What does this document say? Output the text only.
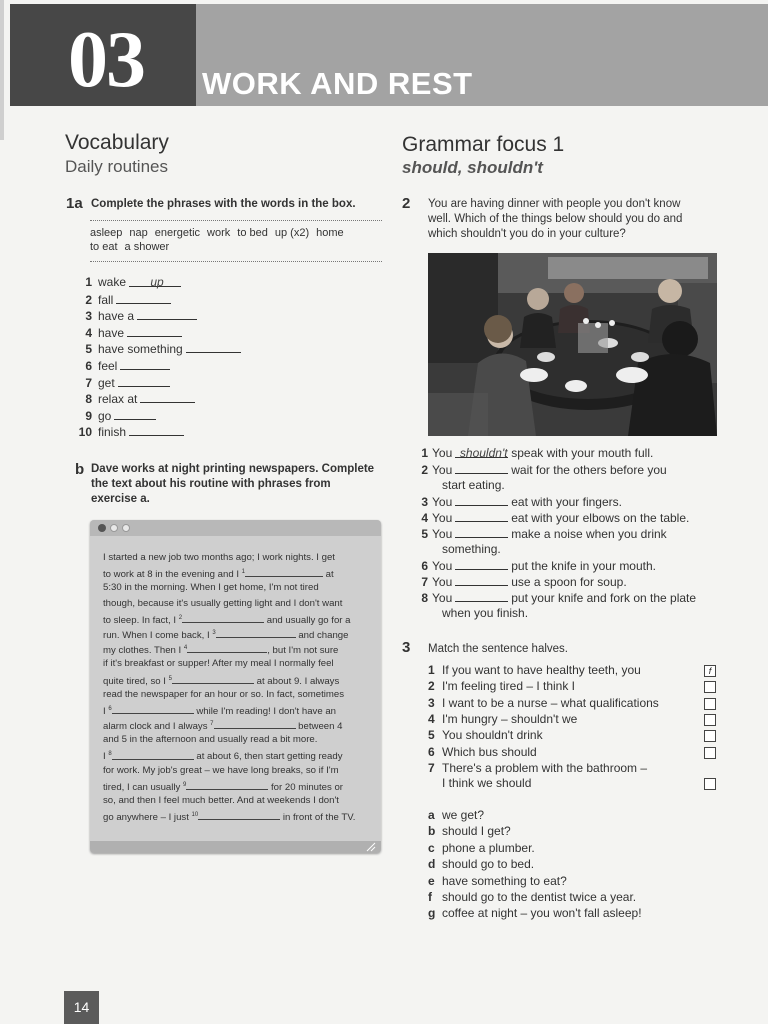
03 WORK AND REST
Vocabulary
Daily routines
1a Complete the phrases with the words in the box.
asleep nap energetic work to bed up (x2) home
to eat a shower
1 wake up
2 fall
3 have a
4 have
5 have something
6 feel
7 get
8 relax at
9 go
10 finish
b Dave works at night printing newspapers. Complete
the text about his routine with phrases from
exercise a.
I started a new job two months ago; I work nights. I get
to work at 8 in the evening and I $^1$	at
5:30 in the morning. When I get home, I'm not tired
though, because it's usually getting light and I don't want
to sleep. In fact, I $^2$	and usually go for a
run. When I come back, I $^3$	and change
my clothes. Then I $^4$	, but I'm not sure
if it's breakfast or supper! After my meal I normally feel
quite tired, so I $^5$	at about 9. I always
read the newspaper for an hour or so. In fact, sometimes
I $^6$	while I'm reading! I don't have an
alarm clock and I always $^7$	between 4
and 5 in the afternoon and usually read a bit more.
I $^8$	at about 6, then start getting ready
for work. My job's great – we have long breaks, so if I'm
tired, I can usually $^9$	for 20 minutes or
so, and then I feel much better. And at weekends I don't
go anywhere – I just $^{10}$	in front of the TV.
Grammar focus 1
should, shouldn't
2 You are having dinner with people you don't know
well. Which of the things below should you do and
which shouldn't you do in your culture?
1 You shouldn't speak with your mouth full.
2 You	wait for the others before you
start eating.
3 You	eat with your fingers.
4 You	eat with your elbows on the table.
5 You	make a noise when you drink
something.
6 You	put the knife in your mouth.
7 You	use a spoon for soup.
8 You	put your knife and fork on the plate
when you finish.
3 Match the sentence halves.
1 If you want to have healthy teeth, you	f
2 I'm feeling tired – I think I
3 I want to be a nurse – what qualifications
4 I'm hungry – shouldn't we
5 You shouldn't drink
6 Which bus should
7 There's a problem with the bathroom –
I think we should
a we get?
b should I get?
c phone a plumber.
d should go to bed.
e have something to eat?
f should go to the dentist twice a year.
g coffee at night – you won't fall asleep!
14
